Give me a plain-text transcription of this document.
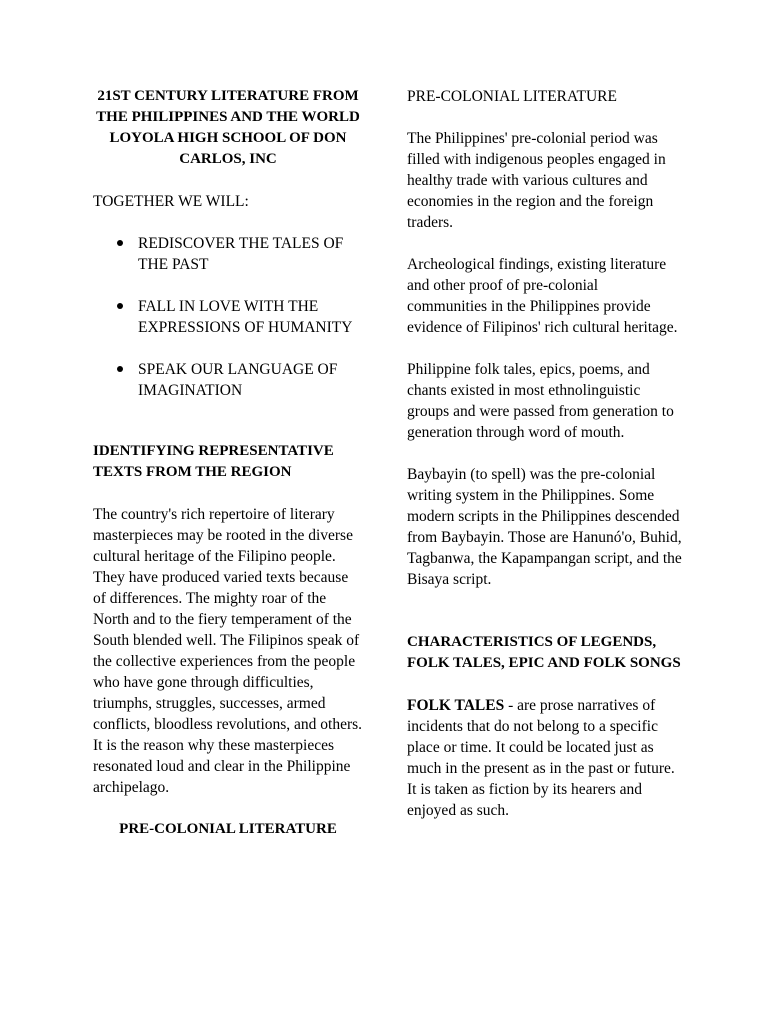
21ST CENTURY LITERATURE FROM THE PHILIPPINES AND THE WORLD LOYOLA HIGH SCHOOL OF DON CARLOS, INC

TOGETHER WE WILL:

REDISCOVER THE TALES OF THE PAST
FALL IN LOVE WITH THE EXPRESSIONS OF HUMANITY
SPEAK OUR LANGUAGE OF IMAGINATION

IDENTIFYING REPRESENTATIVE TEXTS FROM THE REGION

The country's rich repertoire of literary masterpieces may be rooted in the diverse cultural heritage of the Filipino people. They have produced varied texts because of differences. The mighty roar of the North and to the fiery temperament of the South blended well. The Filipinos speak of the collective experiences from the people who have gone through difficulties, triumphs, struggles, successes, armed conflicts, bloodless revolutions, and others. It is the reason why these masterpieces resonated loud and clear in the Philippine archipelago.

PRE-COLONIAL LITERATURE

PRE-COLONIAL LITERATURE

The Philippines' pre-colonial period was filled with indigenous peoples engaged in healthy trade with various cultures and economies in the region and the foreign traders.

Archeological findings, existing literature and other proof of pre-colonial communities in the Philippines provide evidence of Filipinos' rich cultural heritage.

Philippine folk tales, epics, poems, and chants existed in most ethnolinguistic groups and were passed from generation to generation through word of mouth.

Baybayin (to spell) was the pre-colonial writing system in the Philippines. Some modern scripts in the Philippines descended from Baybayin. Those are Hanunó'o, Buhid, Tagbanwa, the Kapampangan script, and the Bisaya script.

CHARACTERISTICS OF LEGENDS, FOLK TALES, EPIC AND FOLK SONGS

FOLK TALES - are prose narratives of incidents that do not belong to a specific place or time. It could be located just as much in the present as in the past or future. It is taken as fiction by its hearers and enjoyed as such.
